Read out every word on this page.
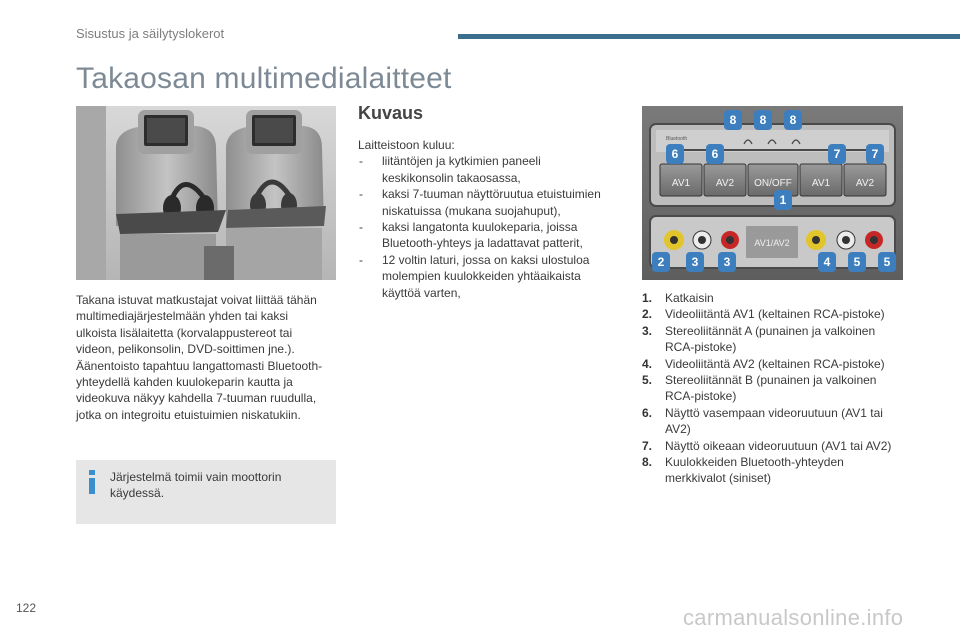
Sisustus ja säilytyslokerot
Takaosan multimedialaitteet

Takana istuvat matkustajat voivat liittää tähän

multimediajärjestelmään yhden tai kaksi

ulkoista lisälaitetta (korvalappustereot tai

videon, pelikonsolin, DVD-soittimen jne.).

Äänentoisto tapahtuu langattomasti Bluetooth-

yhteydellä kahden kuulokeparin kautta ja

videokuva näkyy kahdella 7-tuuman ruudulla,

jotka on integroitu etuistuimien niskatukiin.

Järjestelmä toimii vain moottorin

käydessä.

Kuvaus

Laitteistoon kuluu:

- liitäntöjen ja kytkimien paneeli
keskikonsolin takaosassa,
- kaksi 7-tuuman näyttöruutua etuistuimien
niskatuissa (mukana suojahuput),
- kaksi langatonta kuulokeparia, joissa
Bluetooth-yhteys ja ladattavat patterit,
- 12 voltin laturi, jossa on kaksi ulostuloa
molempien kuulokkeiden yhtäaikaista
käyttöä varten,
Bluetooth
AV1	AV2 ON/OFF AV1	AV2
AV1/AV2
8 8 8
6	6	7	7
1
2 3 3	4 5 5
1. Katkaisin
2. Videoliitäntä AV1 (keltainen RCA-pistoke)
3. Stereoliitännät A (punainen ja valkoinen
RCA-pistoke)
4. Videoliitäntä AV2 (keltainen RCA-pistoke)
5. Stereoliitännät B (punainen ja valkoinen
RCA-pistoke)
6. Näyttö vasempaan videoruutuun (AV1 tai
AV2)
7. Näyttö oikeaan videoruutuun (AV1 tai AV2)
8. Kuulokkeiden Bluetooth-yhteyden
merkkivalot (siniset)
122	carmanualsonline.info
